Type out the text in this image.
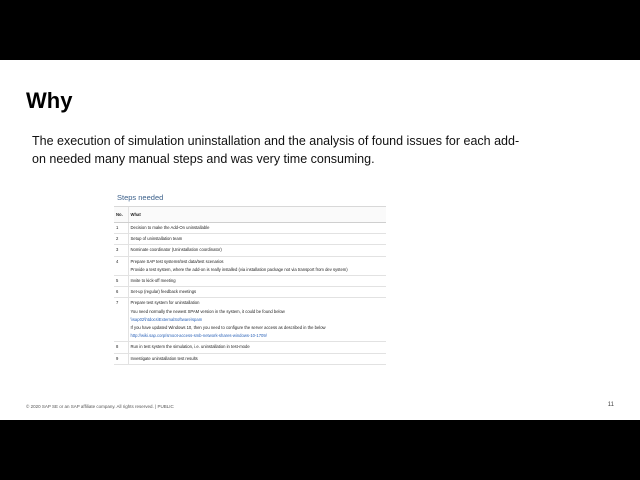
Why
The execution of simulation uninstallation and the analysis of found issues for each add-on needed many manual steps and was very time consuming.
Steps needed
No.	What
1	Decision to make the Add-On uninstallable
2	Setup of uninstallation team
3	Nominate coordinator (Uninstallation coordinator)
4	Prepare SAP test systems/test data/test scenarios
Provide a test system, where the add-on is really installed (via installation package not via transport from dev system)

5	Invite to kick-off meeting
6	Set-up (regular) feedback meetings
7	Prepare test system for uninstallation
You need normally the newest SPAM version in the system, it could be found below
\\sap02\htdocs\ExternalSoftware\spam
If you have updated Windows 10, then you need to configure the server access as described in the below
http://wiki.sap.corp/smoot-access-smb-network-shares-windows-10-1709/

8	Run in test system the simulation, i.e. uninstallation in test-mode
9	Investigate uninstallation test results
© 2020 SAP SE or an SAP affiliate company. All rights reserved. | PUBLIC	11
